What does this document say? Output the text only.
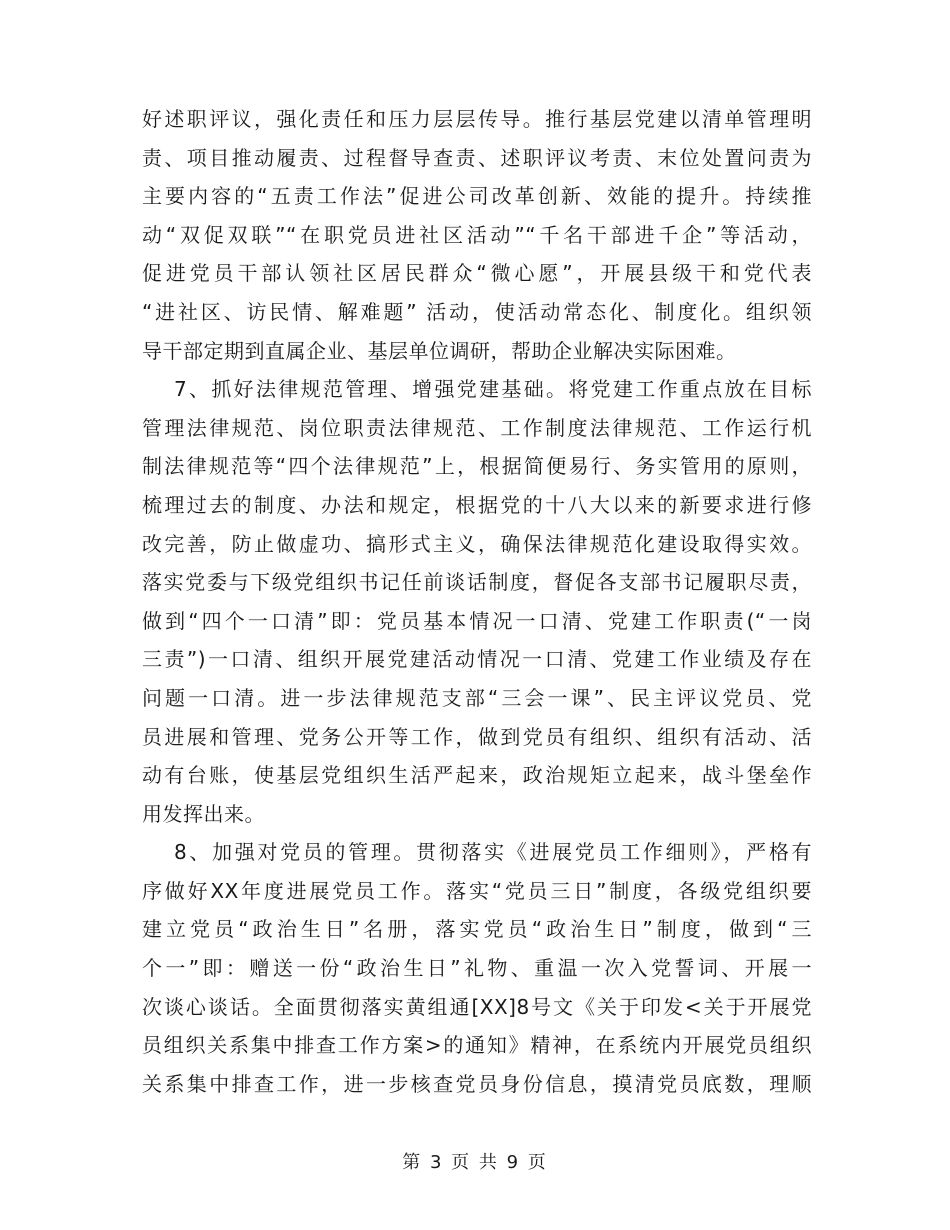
好述职评议，强化责任和压力层层传导。推行基层党建以清单管理明
责、项目推动履责、过程督导查责、述职评议考责、末位处置问责为
主要内容的“五责工作法”促进公司改革创新、效能的提升。持续推
动“双促双联”“在职党员进社区活动”“千名干部进千企”等活动，
促进党员干部认领社区居民群众“微心愿”，开展县级干和党代表
“进社区、访民情、解难题” 活动，使活动常态化、制度化。组织领
导干部定期到直属企业、基层单位调研，帮助企业解决实际困难。
7、抓好法律规范管理、增强党建基础。将党建工作重点放在目标
管理法律规范、岗位职责法律规范、工作制度法律规范、工作运行机
制法律规范等“四个法律规范”上，根据简便易行、务实管用的原则，
梳理过去的制度、办法和规定，根据党的十八大以来的新要求进行修
改完善，防止做虚功、搞形式主义，确保法律规范化建设取得实效。
落实党委与下级党组织书记任前谈话制度，督促各支部书记履职尽责，
做到“四个一口清”即：党员基本情况一口清、党建工作职责(“一岗
三责”)一口清、组织开展党建活动情况一口清、党建工作业绩及存在
问题一口清。进一步法律规范支部“三会一课”、民主评议党员、党
员进展和管理、党务公开等工作，做到党员有组织、组织有活动、活
动有台账，使基层党组织生活严起来，政治规矩立起来，战斗堡垒作
用发挥出来。
8、加强对党员的管理。贯彻落实《进展党员工作细则》，严格有
序做好XX年度进展党员工作。落实“党员三日”制度，各级党组织要
建立党员“政治生日”名册，落实党员“政治生日”制度，做到“三
个一”即：赠送一份“政治生日”礼物、重温一次入党誓词、开展一
次谈心谈话。全面贯彻落实黄组通[XX]8号文《关于印发<关于开展党
员组织关系集中排查工作方案>的通知》精神，在系统内开展党员组织
关系集中排查工作，进一步核查党员身份信息，摸清党员底数，理顺
第 3 页 共 9 页
